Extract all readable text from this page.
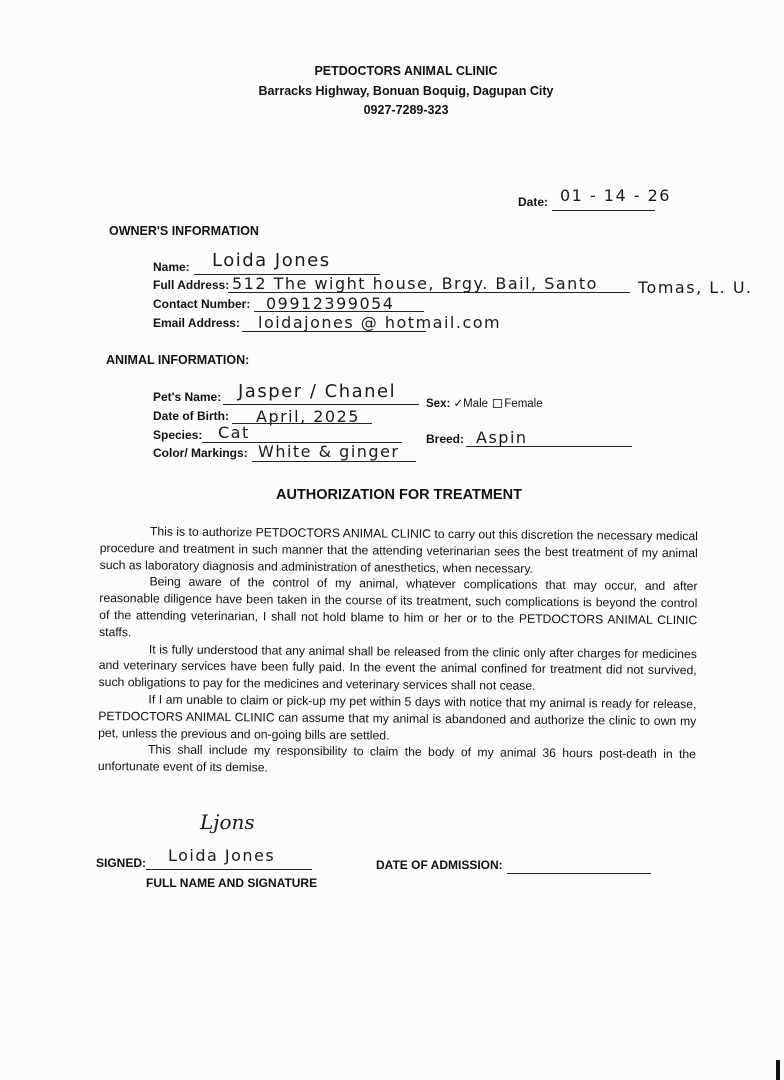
PETDOCTORS ANIMAL CLINIC
Barracks Highway, Bonuan Boquig, Dagupan City
0927-7289-323
Date: 01 - 14 - 26
OWNER'S INFORMATION
Name: Loida Jones
Full Address: 512 The wight house, Brgy. Bail, Santo	Tomas, L. U.
Contact Number: 09912399054
Email Address: loidajones @ hotmail.com
ANIMAL INFORMATION:
Pet's Name: Jasper / Chanel
Sex: ✓Male Female
Date of Birth: April, 2025
Species: Cat	Breed: Aspin
Color/ Markings: White & ginger
AUTHORIZATION FOR TREATMENT

This is to authorize PETDOCTORS ANIMAL CLINIC to carry out this discretion the necessary medical procedure and treatment in such manner that the attending veterinarian sees the best treatment of my animal such as laboratory diagnosis and administration of anesthetics, when necessary.

Being aware of the control of my animal, whatever complications that may occur, and after reasonable diligence have been taken in the course of its treatment, such complications is beyond the control of the attending veterinarian, I shall not hold blame to him or her or to the PETDOCTORS ANIMAL CLINIC staffs.

It is fully understood that any animal shall be released from the clinic only after charges for medicines and veterinary services have been fully paid. In the event the animal confined for treatment did not survived, such obligations to pay for the medicines and veterinary services shall not cease.

If I am unable to claim or pick-up my pet within 5 days with notice that my animal is ready for release, PETDOCTORS ANIMAL CLINIC can assume that my animal is abandoned and authorize the clinic to own my pet, unless the previous and on-going bills are settled.

This shall include my responsibility to claim the body of my animal 36 hours post-death in the unfortunate event of its demise.

SIGNED:
Ljons
Loida Jones
FULL NAME AND SIGNATURE
DATE OF ADMISSION:
